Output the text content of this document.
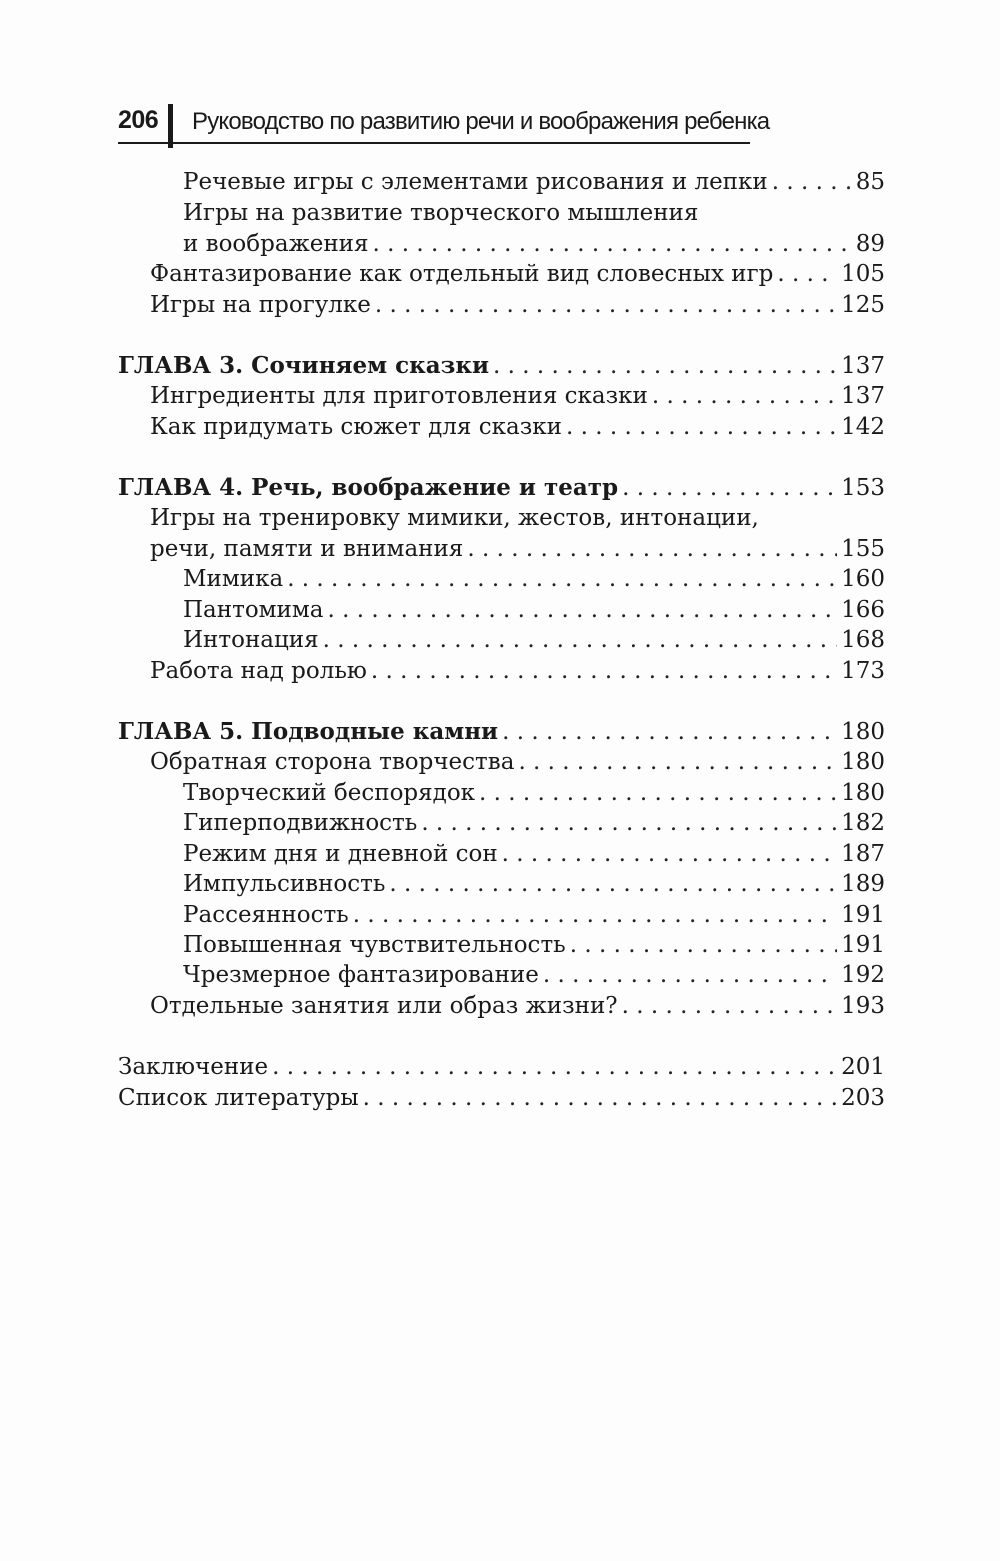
206 Руководство по развитию речи и воображения ребенка
Речевые игры с элементами рисования и лепки . . .	85
Игры на развитие творческого мышления
и воображения . . .	89
Фантазирование как отдельный вид словесных игр . . .	105
Игры на прогулке . . .	125
ГЛАВА 3. Сочиняем сказки . . .	137
Ингредиенты для приготовления сказки . . .	137
Как придумать сюжет для сказки . . .	142
ГЛАВА 4. Речь, воображение и театр . . .	153
Игры на тренировку мимики, жестов, интонации,
речи, памяти и внимания . . .	155
Мимика . . .	160
Пантомима . . .	166
Интонация . . .	168
Работа над ролью . . .	173
ГЛАВА 5. Подводные камни . . .	180
Обратная сторона творчества . . .	180
Творческий беспорядок . . .	180
Гиперподвижность . . .	182
Режим дня и дневной сон . . .	187
Импульсивность . . .	189
Рассеянность . . .	191
Повышенная чувствительность . . .	191
Чрезмерное фантазирование . . .	192
Отдельные занятия или образ жизни? . . .	193
Заключение . . .	201
Список литературы . . .	203
